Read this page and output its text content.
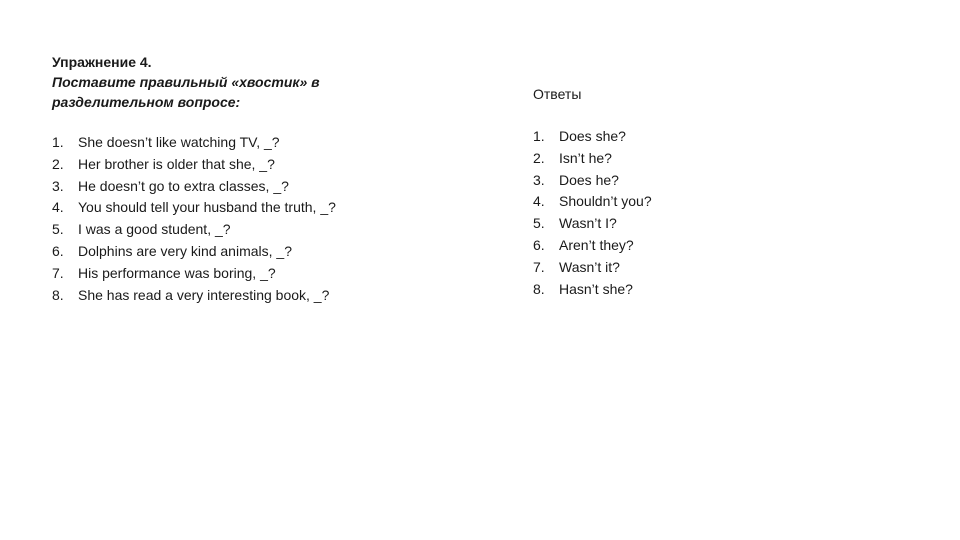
Упражнение 4.

Поставите правильный «хвостик» в разделительном вопросе:

1.	She doesn’t like watching TV, _?
2.	Her brother is older that she, _?
3.	He doesn’t go to extra classes, _?
4.	You should tell your husband the truth, _?
5.	I was a good student, _?
6.	Dolphins are very kind animals, _?
7.	His performance was boring, _?
8.	She has read a very interesting book, _?

Ответы

1.	Does she?
2.	Isn’t he?
3.	Does he?
4.	Shouldn’t you?
5.	Wasn’t I?
6.	Aren’t they?
7.	Wasn’t it?
8.	Hasn’t she?
